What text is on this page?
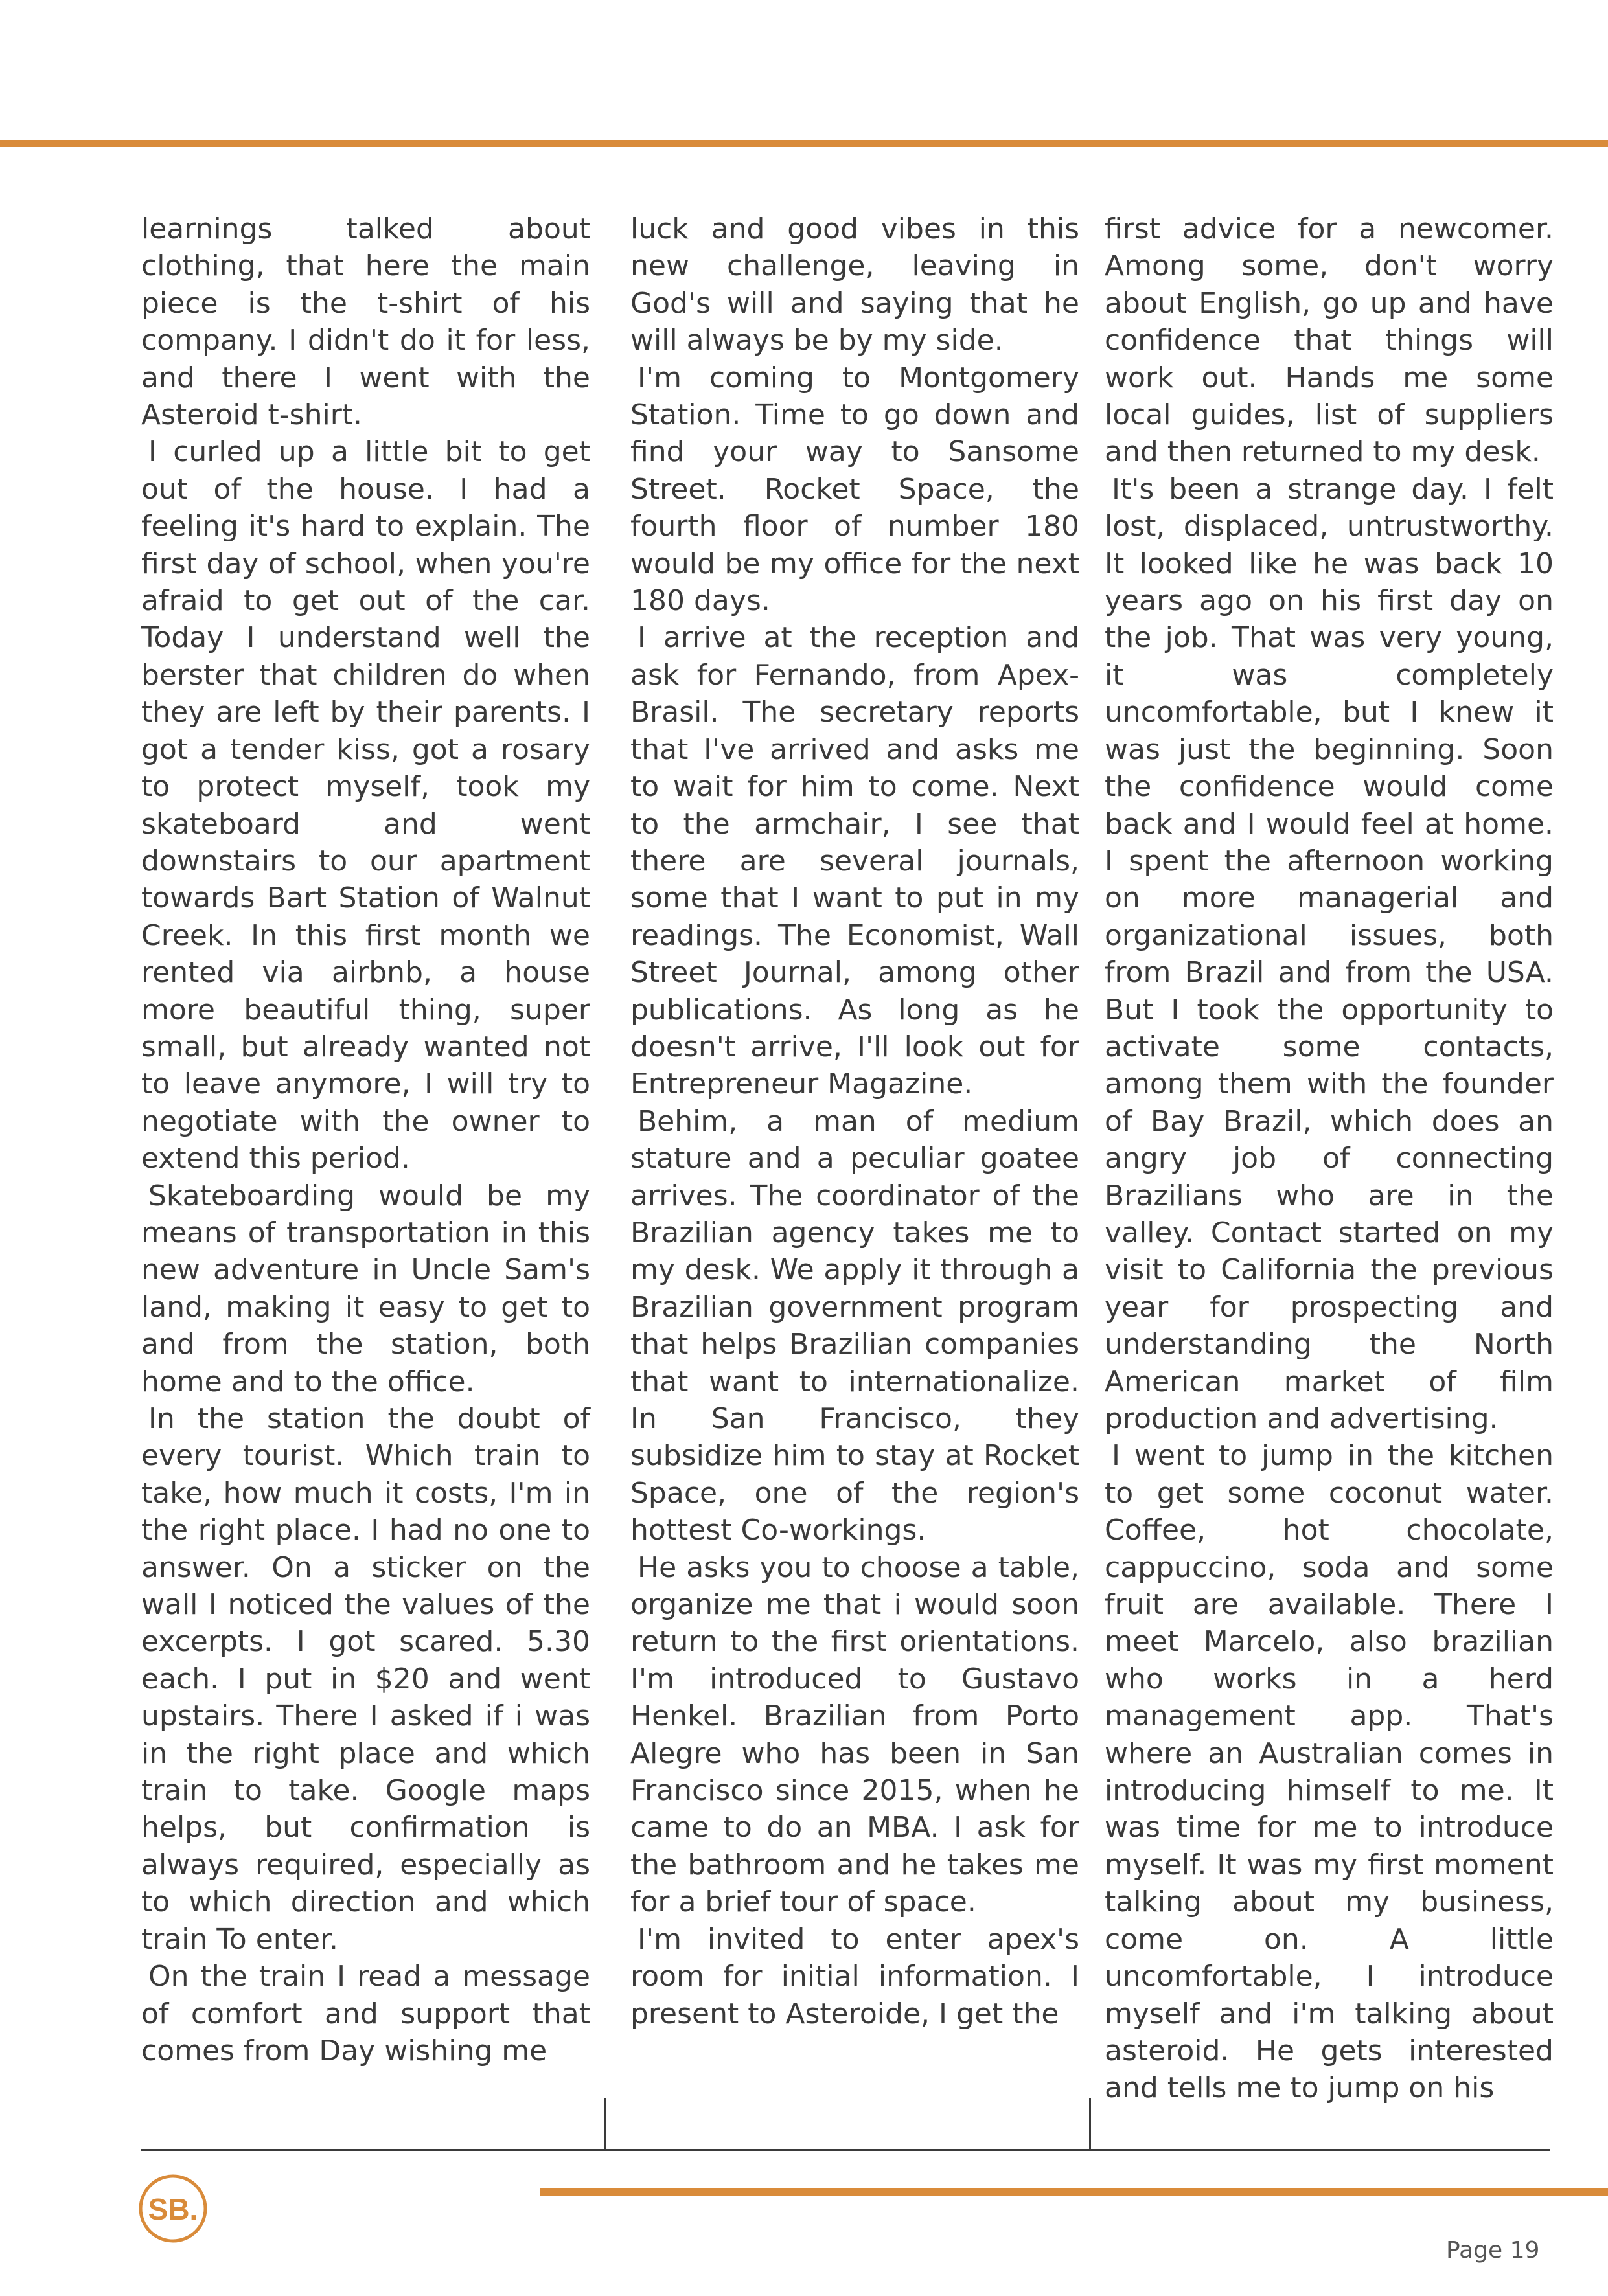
learnings talked about clothing, that here the main piece is the t-shirt of his company. I didn't do it for less, and there I went with the Asteroid t-shirt.

I curled up a little bit to get out of the house. I had a feeling it's hard to explain. The first day of school, when you're afraid to get out of the car. Today I understand well the berster that children do when they are left by their parents. I got a tender kiss, got a rosary to protect myself, took my skateboard and went downstairs to our apartment towards Bart Station of Walnut Creek. In this first month we rented via airbnb, a house more beautiful thing, super small, but already wanted not to leave anymore, I will try to negotiate with the owner to extend this period.

Skateboarding would be my means of transportation in this new adventure in Uncle Sam's land, making it easy to get to and from the station, both home and to the office.

In the station the doubt of every tourist. Which train to take, how much it costs, I'm in the right place. I had no one to answer. On a sticker on the wall I noticed the values of the excerpts. I got scared. 5.30 each. I put in $20 and went upstairs. There I asked if i was in the right place and which train to take. Google maps helps, but confirmation is always required, especially as to which direction and which train To enter.

On the train I read a message of comfort and support that comes from Day wishing me

luck and good vibes in this new challenge, leaving in God's will and saying that he will always be by my side.

I'm coming to Montgomery Station. Time to go down and find your way to Sansome Street. Rocket Space, the fourth floor of number 180 would be my office for the next 180 days.

I arrive at the reception and ask for Fernando, from Apex-Brasil. The secretary reports that I've arrived and asks me to wait for him to come. Next to the armchair, I see that there are several journals, some that I want to put in my readings. The Economist, Wall Street Journal, among other publications. As long as he doesn't arrive, I'll look out for Entrepreneur Magazine.

Behim, a man of medium stature and a peculiar goatee arrives. The coordinator of the Brazilian agency takes me to my desk. We apply it through a Brazilian government program that helps Brazilian companies that want to internationalize. In San Francisco, they subsidize him to stay at Rocket Space, one of the region's hottest Co-workings.

He asks you to choose a table, organize me that i would soon return to the first orientations. I'm introduced to Gustavo Henkel. Brazilian from Porto Alegre who has been in San Francisco since 2015, when he came to do an MBA. I ask for the bathroom and he takes me for a brief tour of space.

I'm invited to enter apex's room for initial information. I present to Asteroide, I get the

first advice for a newcomer. Among some, don't worry about English, go up and have confidence that things will work out. Hands me some local guides, list of suppliers and then returned to my desk.

It's been a strange day. I felt lost, displaced, untrustworthy. It looked like he was back 10 years ago on his first day on the job. That was very young, it was completely uncomfortable, but I knew it was just the beginning. Soon the confidence would come back and I would feel at home. I spent the afternoon working on more managerial and organizational issues, both from Brazil and from the USA. But I took the opportunity to activate some contacts, among them with the founder of Bay Brazil, which does an angry job of connecting Brazilians who are in the valley. Contact started on my visit to California the previous year for prospecting and understanding the North American market of film production and advertising.

I went to jump in the kitchen to get some coconut water. Coffee, hot chocolate, cappuccino, soda and some fruit are available. There I meet Marcelo, also brazilian who works in a herd management app. That's where an Australian comes in introducing himself to me. It was time for me to introduce myself. It was my first moment talking about my business, come on. A little uncomfortable, I introduce myself and i'm talking about asteroid. He gets interested and tells me to jump on his

SB.
Page 19
